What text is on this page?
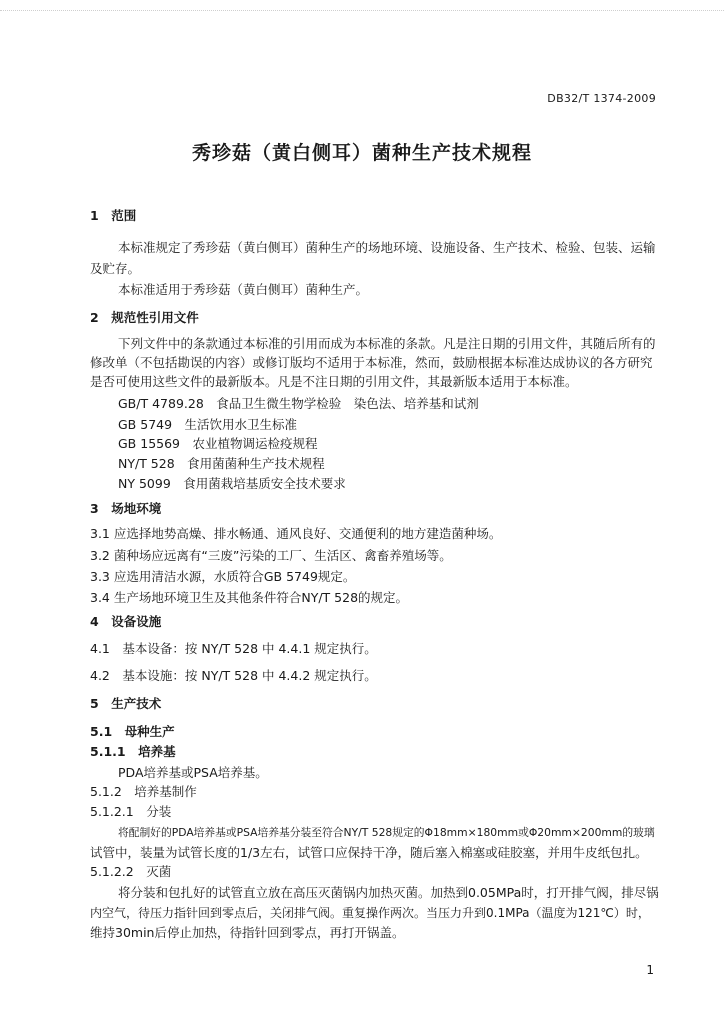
DB32/T 1374-2009
秀珍菇（黄白侧耳）菌种生产技术规程
1　范围
本标准规定了秀珍菇（黄白侧耳）菌种生产的场地环境、设施设备、生产技术、检验、包装、运输
及贮存。
本标准适用于秀珍菇（黄白侧耳）菌种生产。
2　规范性引用文件
下列文件中的条款通过本标准的引用而成为本标准的条款。凡是注日期的引用文件，其随后所有的
修改单（不包括勘误的内容）或修订版均不适用于本标准，然而，鼓励根据本标准达成协议的各方研究
是否可使用这些文件的最新版本。凡是不注日期的引用文件，其最新版本适用于本标准。
GB/T 4789.28　食品卫生微生物学检验　染色法、培养基和试剂
GB 5749　生活饮用水卫生标准
GB 15569　农业植物调运检疫规程
NY/T 528　食用菌菌种生产技术规程
NY 5099　食用菌栽培基质安全技术要求
3　场地环境
3.1 应选择地势高燥、排水畅通、通风良好、交通便利的地方建造菌种场。
3.2 菌种场应远离有“三废”污染的工厂、生活区、禽畜养殖场等。
3.3 应选用清洁水源，水质符合GB 5749规定。
3.4 生产场地环境卫生及其他条件符合NY/T 528的规定。
4　设备设施
4.1　基本设备：按 NY/T 528 中 4.4.1 规定执行。
4.2　基本设施：按 NY/T 528 中 4.4.2 规定执行。
5　生产技术
5.1　母种生产
5.1.1　培养基
PDA培养基或PSA培养基。
5.1.2　培养基制作
5.1.2.1　分装
将配制好的PDA培养基或PSA培养基分装至符合NY/T 528规定的Φ18mm×180mm或Φ20mm×200mm的玻璃
试管中，装量为试管长度的1/3左右，试管口应保持干净，随后塞入棉塞或硅胶塞，并用牛皮纸包扎。
5.1.2.2　灭菌
将分装和包扎好的试管直立放在高压灭菌锅内加热灭菌。加热到0.05MPa时，打开排气阀，排尽锅
内空气，待压力指针回到零点后，关闭排气阀。重复操作两次。当压力升到0.1MPa（温度为121℃）时，
维持30min后停止加热，待指针回到零点，再打开锅盖。
1
